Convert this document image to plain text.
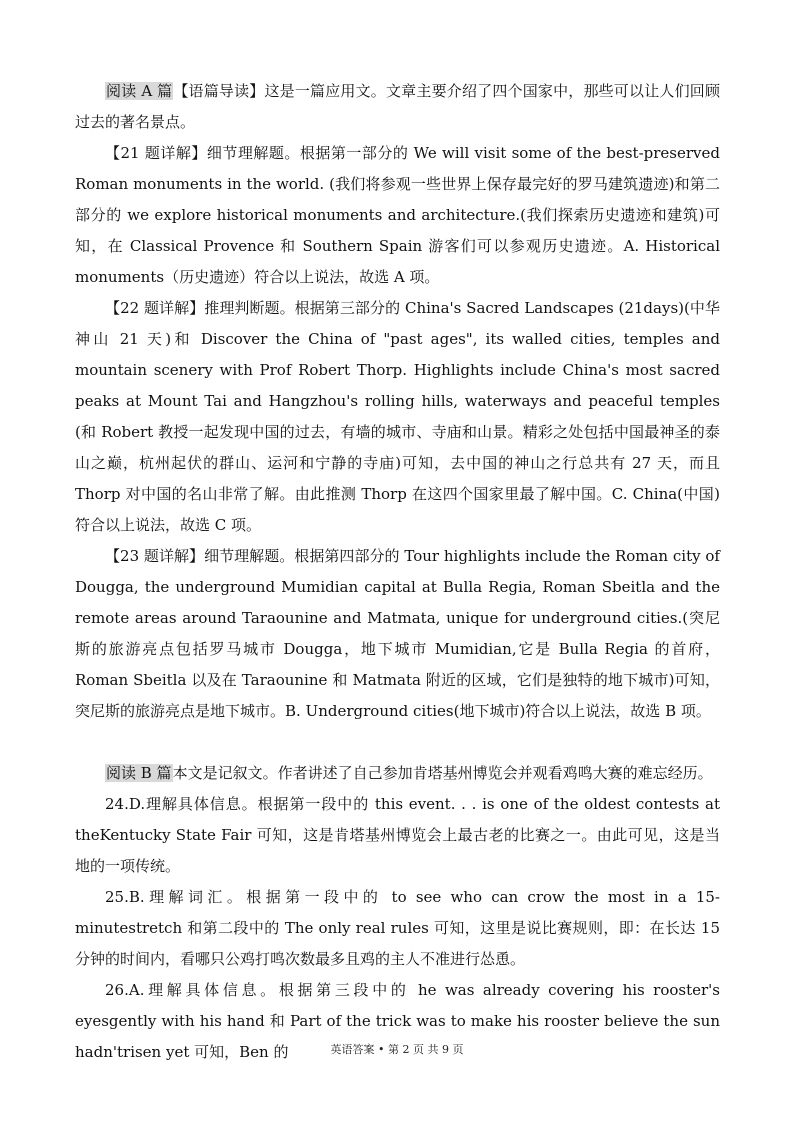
阅读 A 篇【语篇导读】这是一篇应用文。文章主要介绍了四个国家中，那些可以让人们回顾过去的著名景点。

【21 题详解】细节理解题。根据第一部分的 We will visit some of the best-preserved Roman monuments in the world. (我们将参观一些世界上保存最完好的罗马建筑遗迹)和第二部分的 we explore historical monuments and architecture.(我们探索历史遗迹和建筑)可知，在 Classical Provence 和 Southern Spain 游客们可以参观历史遗迹。A. Historical monuments（历史遗迹）符合以上说法，故选 A 项。

【22 题详解】推理判断题。根据第三部分的 China's Sacred Landscapes (21days)(中华神山 21 天)和 Discover the China of "past ages", its walled cities, temples and mountain scenery with Prof Robert Thorp. Highlights include China's most sacred peaks at Mount Tai and Hangzhou's rolling hills, waterways and peaceful temples (和 Robert 教授一起发现中国的过去，有墙的城市、寺庙和山景。精彩之处包括中国最神圣的泰山之巅，杭州起伏的群山、运河和宁静的寺庙)可知，去中国的神山之行总共有 27 天，而且 Thorp 对中国的名山非常了解。由此推测 Thorp 在这四个国家里最了解中国。C. China(中国)符合以上说法，故选 C 项。

【23 题详解】细节理解题。根据第四部分的 Tour highlights include the Roman city of Dougga, the underground Mumidian capital at Bulla Regia, Roman Sbeitla and the remote areas around Taraounine and Matmata, unique for underground cities.(突尼斯的旅游亮点包括罗马城市 Dougga，地下城市 Mumidian,它是 Bulla Regia 的首府，Roman Sbeitla 以及在 Taraounine 和 Matmata 附近的区域，它们是独特的地下城市)可知，突尼斯的旅游亮点是地下城市。B. Underground cities(地下城市)符合以上说法，故选 B 项。

阅读 B 篇本文是记叙文。作者讲述了自己参加肯塔基州博览会并观看鸡鸣大赛的难忘经历。

24.D.理解具体信息。根据第一段中的 this event. . . is one of the oldest contests at theKentucky State Fair 可知，这是肯塔基州博览会上最古老的比赛之一。由此可见，这是当地的一项传统。

25.B.理解词汇。根据第一段中的 to see who can crow the most in a 15-minutestretch 和第二段中的 The only real rules 可知，这里是说比赛规则，即：在长达 15 分钟的时间内，看哪只公鸡打鸣次数最多且鸡的主人不准进行怂恿。

26.A.理解具体信息。根据第三段中的 he was already covering his rooster's eyesgently with his hand 和 Part of the trick was to make his rooster believe the sun hadn'trisen yet 可知，Ben 的	英语答案 • 第 2 页 共 9 页
